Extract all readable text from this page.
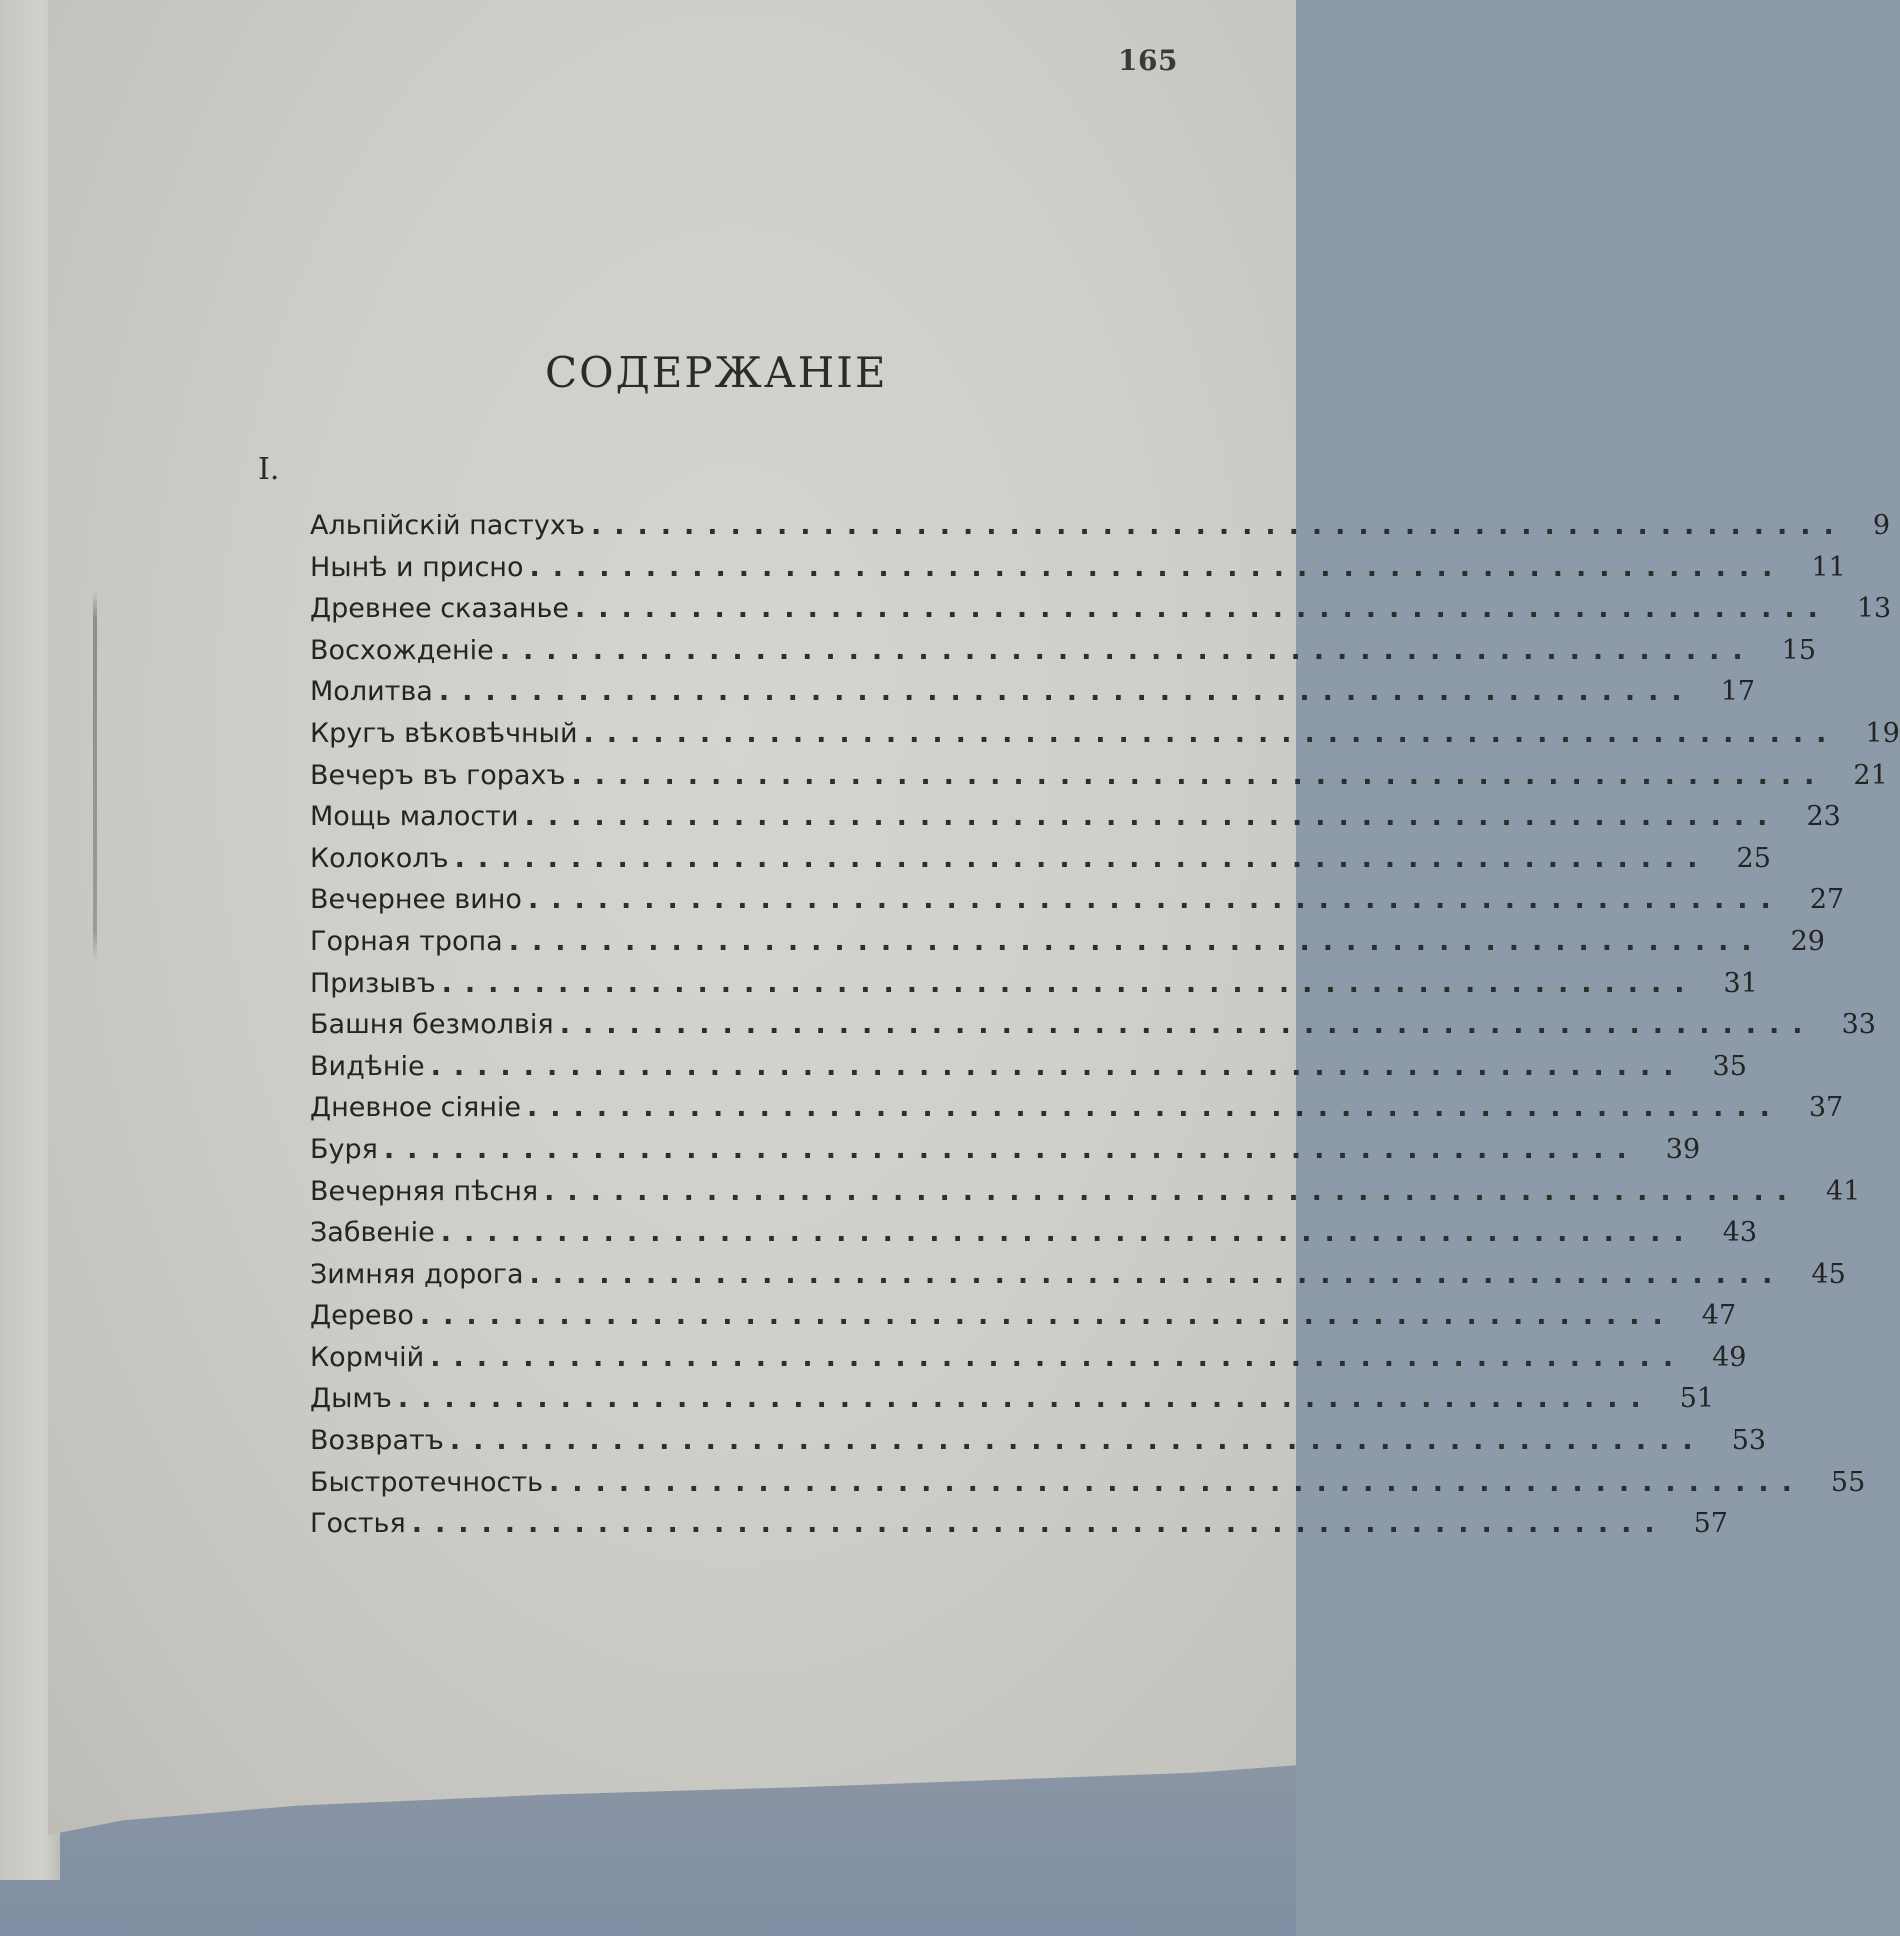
165
СОДЕРЖАНІЕ
I.
Альпійскій пастухъ ...................................................... 9
Нынѣ и присно ...................................................... 11
Древнее сказанье ...................................................... 13
Восхожденіе ...................................................... 15
Молитва ...................................................... 17
Кругъ вѣковѣчный ...................................................... 19
Вечеръ въ горахъ ...................................................... 21
Мощь малости ...................................................... 23
Колоколъ ...................................................... 25
Вечернее вино ...................................................... 27
Горная тропа ...................................................... 29
Призывъ ...................................................... 31
Башня безмолвія ...................................................... 33
Видѣніе ...................................................... 35
Дневное сіяніе ...................................................... 37
Буря ...................................................... 39
Вечерняя пѣсня ...................................................... 41
Забвеніе ...................................................... 43
Зимняя дорога ...................................................... 45
Дерево ...................................................... 47
Кормчій ...................................................... 49
Дымъ ...................................................... 51
Возвратъ ...................................................... 53
Быстротечность ...................................................... 55
Гостья ...................................................... 57
